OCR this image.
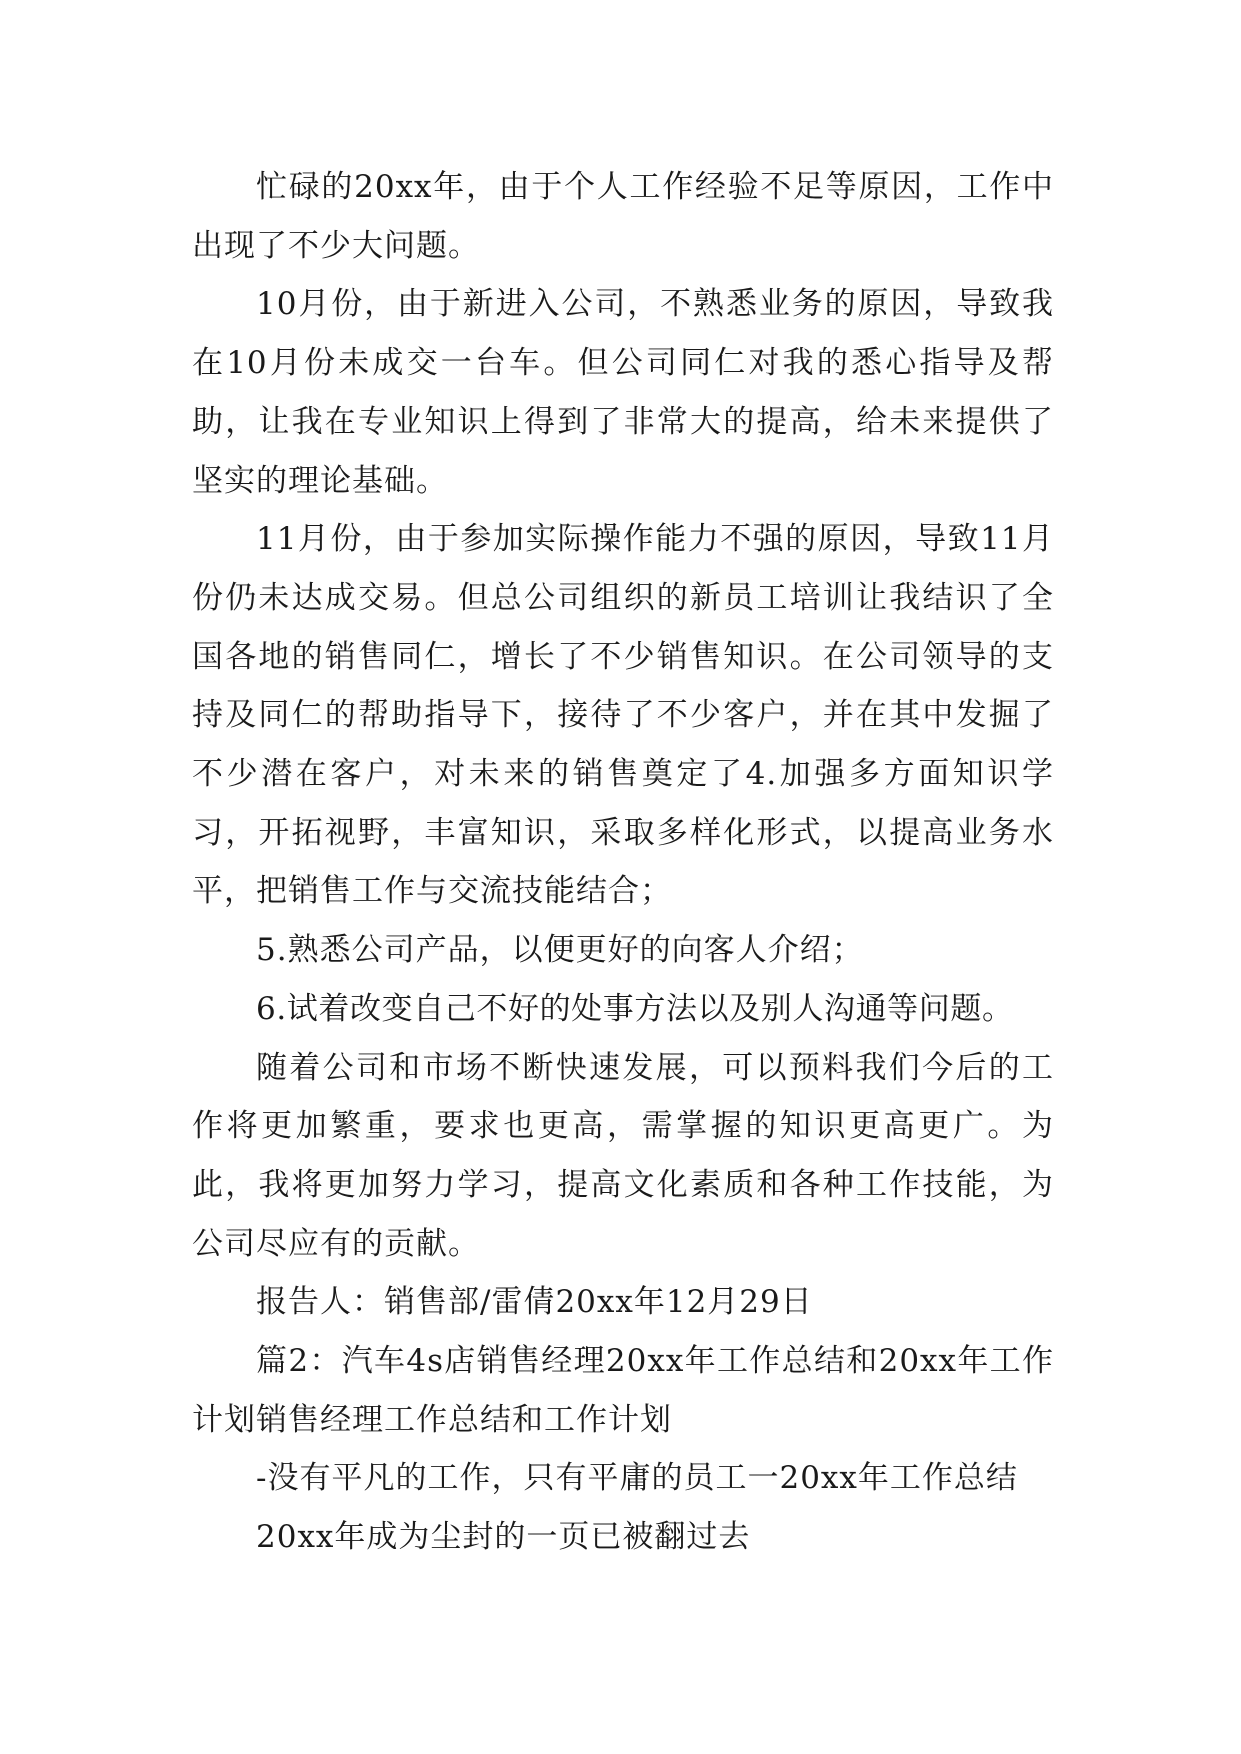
忙碌的20xx年，由于个人工作经验不足等原因，工作中出现了不少大问题。

10月份，由于新进入公司，不熟悉业务的原因，导致我在10月份未成交一台车。但公司同仁对我的悉心指导及帮助，让我在专业知识上得到了非常大的提高，给未来提供了坚实的理论基础。

11月份，由于参加实际操作能力不强的原因，导致11月份仍未达成交易。但总公司组织的新员工培训让我结识了全国各地的销售同仁，增长了不少销售知识。在公司领导的支持及同仁的帮助指导下，接待了不少客户，并在其中发掘了不少潜在客户，对未来的销售奠定了4.加强多方面知识学习，开拓视野，丰富知识，采取多样化形式，以提高业务水平，把销售工作与交流技能结合；

5.熟悉公司产品，以便更好的向客人介绍；

6.试着改变自己不好的处事方法以及别人沟通等问题。

随着公司和市场不断快速发展，可以预料我们今后的工作将更加繁重，要求也更高，需掌握的知识更高更广。为此，我将更加努力学习，提高文化素质和各种工作技能，为公司尽应有的贡献。

报告人：销售部/雷倩20xx年12月29日

篇2：汽车4s店销售经理20xx年工作总结和20xx年工作计划销售经理工作总结和工作计划

-没有平凡的工作，只有平庸的员工一20xx年工作总结

20xx年成为尘封的一页已被翻过去
